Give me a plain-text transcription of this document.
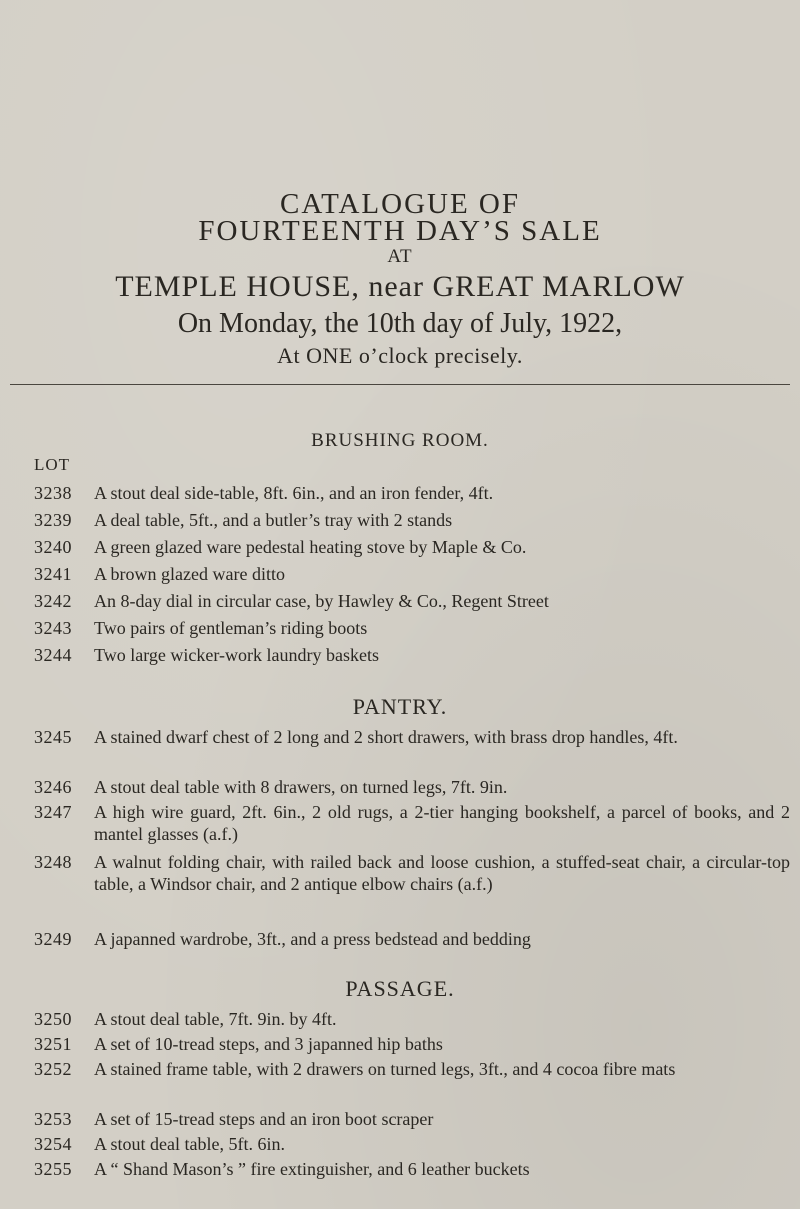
CATALOGUE OF
FOURTEENTH DAY’S SALE
AT
TEMPLE HOUSE, near GREAT MARLOW
On Monday, the 10th day of July, 1922,
At ONE o’clock precisely.
BRUSHING ROOM.
LOT
3238	A stout deal side-table, 8ft. 6in., and an iron fender, 4ft.
3239	A deal table, 5ft., and a butler’s tray with 2 stands
3240	A green glazed ware pedestal heating stove by Maple & Co.
3241	A brown glazed ware ditto
3242	An 8-day dial in circular case, by Hawley & Co., Regent Street
3243	Two pairs of gentleman’s riding boots
3244	Two large wicker-work laundry baskets
PANTRY.
3245	A stained dwarf chest of 2 long and 2 short drawers, with brass drop handles, 4ft.
3246	A stout deal table with 8 drawers, on turned legs, 7ft. 9in.
3247	A high wire guard, 2ft. 6in., 2 old rugs, a 2-tier hanging bookshelf, a parcel of books, and 2 mantel glasses (a.f.)
3248	A walnut folding chair, with railed back and loose cushion, a stuffed-seat chair, a circular-top table, a Windsor chair, and 2 antique elbow chairs (a.f.)
3249	A japanned wardrobe, 3ft., and a press bedstead and bedding
PASSAGE.
3250	A stout deal table, 7ft. 9in. by 4ft.
3251	A set of 10-tread steps, and 3 japanned hip baths
3252	A stained frame table, with 2 drawers on turned legs, 3ft., and 4 cocoa fibre mats
3253	A set of 15-tread steps and an iron boot scraper
3254	A stout deal table, 5ft. 6in.
3255	A “ Shand Mason’s ” fire extinguisher, and 6 leather buckets
